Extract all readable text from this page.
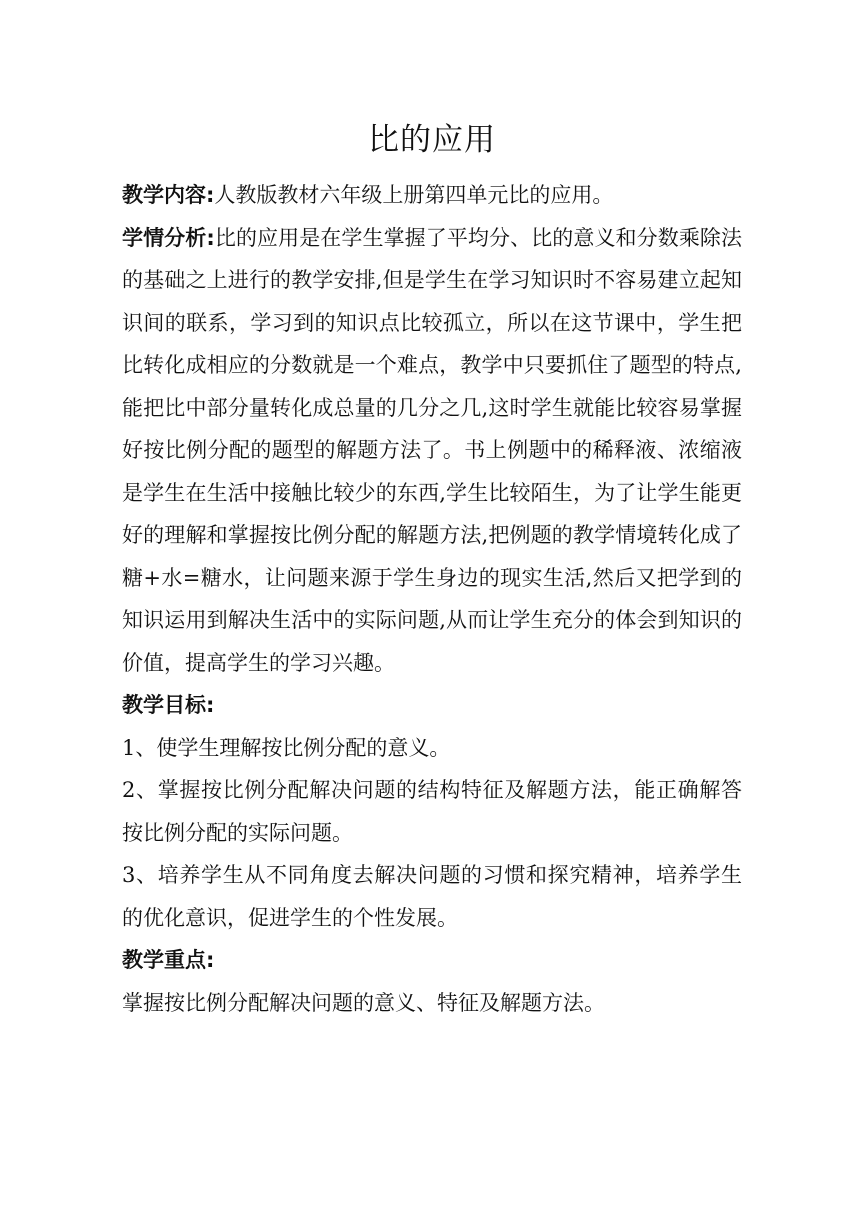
比的应用

教学内容:人教版教材六年级上册第四单元比的应用。

学情分析:比的应用是在学生掌握了平均分、比的意义和分数乘除法的基础之上进行的教学安排,但是学生在学习知识时不容易建立起知识间的联系，学习到的知识点比较孤立，所以在这节课中，学生把比转化成相应的分数就是一个难点，教学中只要抓住了题型的特点,能把比中部分量转化成总量的几分之几,这时学生就能比较容易掌握好按比例分配的题型的解题方法了。书上例题中的稀释液、浓缩液是学生在生活中接触比较少的东西,学生比较陌生，为了让学生能更好的理解和掌握按比例分配的解题方法,把例题的教学情境转化成了糖+水=糖水，让问题来源于学生身边的现实生活,然后又把学到的知识运用到解决生活中的实际问题,从而让学生充分的体会到知识的价值，提高学生的学习兴趣。

教学目标:

1、使学生理解按比例分配的意义。

2、掌握按比例分配解决问题的结构特征及解题方法，能正确解答按比例分配的实际问题。

3、培养学生从不同角度去解决问题的习惯和探究精神，培养学生的优化意识，促进学生的个性发展。

教学重点:

掌握按比例分配解决问题的意义、特征及解题方法。
